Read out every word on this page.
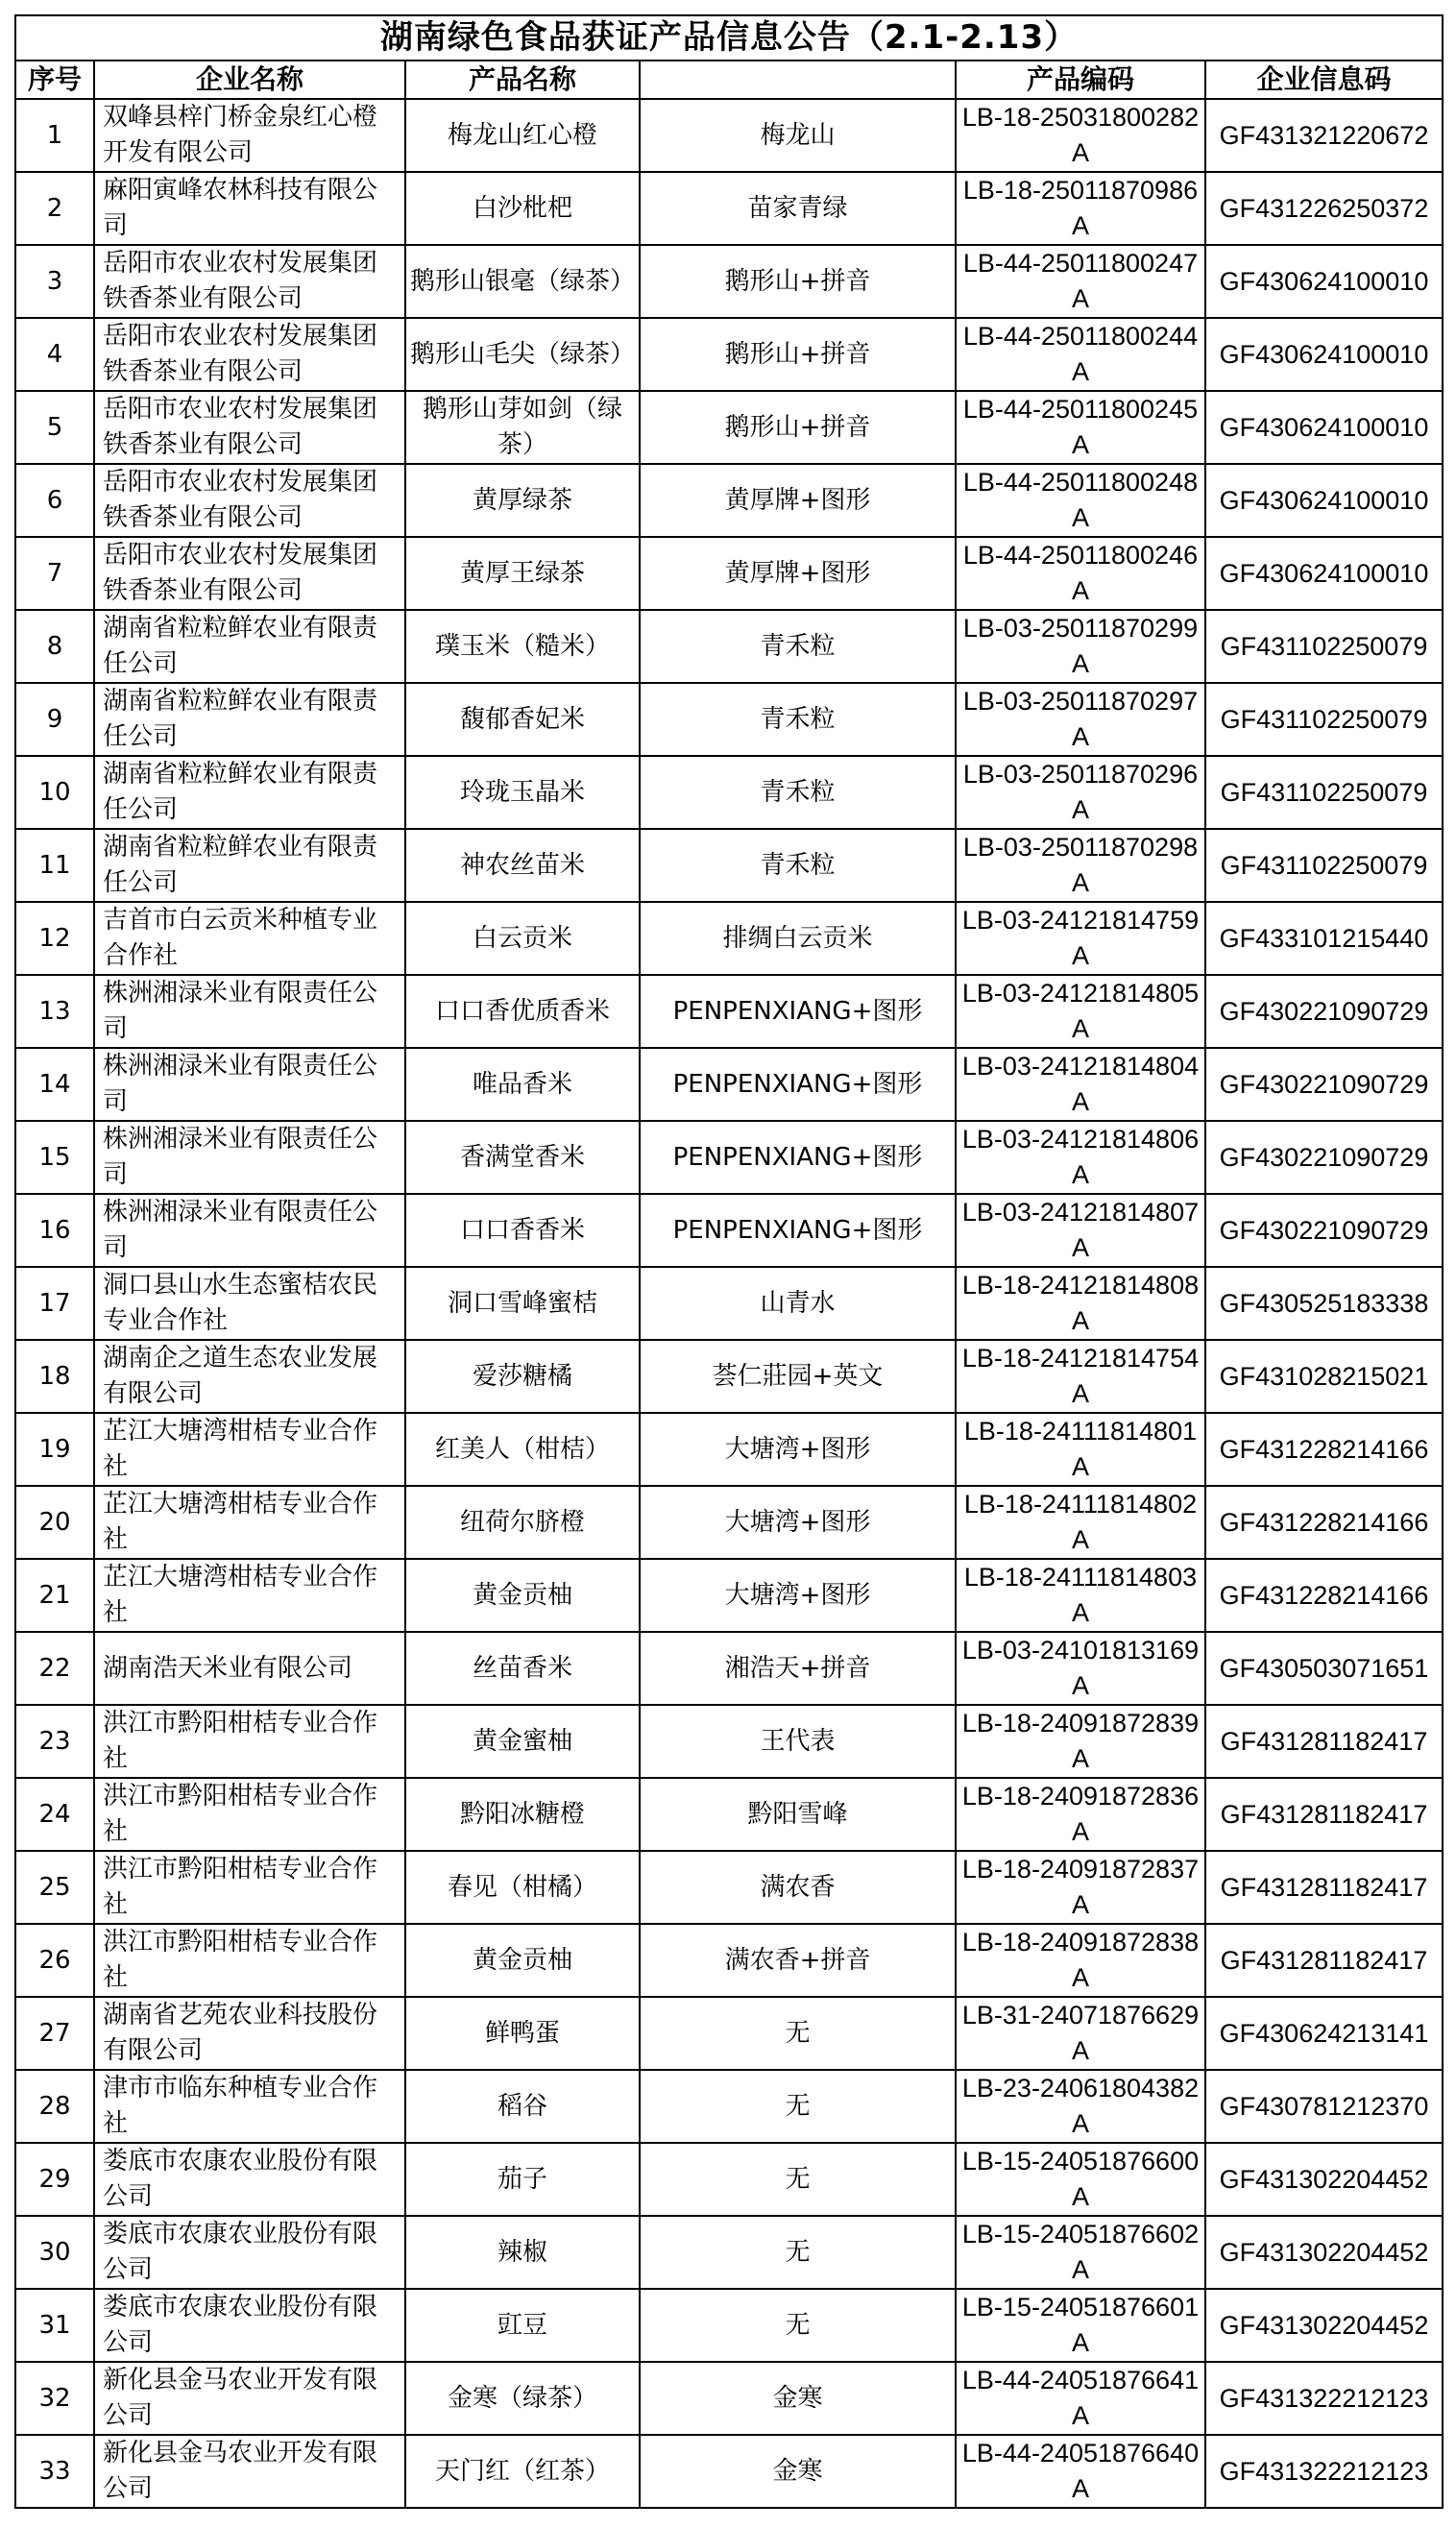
湖南绿色食品获证产品信息公告（2.1-2.13）					
序号	企业名称	产品名称		产品编码	企业信息码
1	双峰县梓门桥金泉红心橙开发有限公司	梅龙山红心橙	梅龙山	LB-18-25031800282A	GF431321220672
2	麻阳寅峰农林科技有限公司	白沙枇杷	苗家青绿	LB-18-25011870986A	GF431226250372
3	岳阳市农业农村发展集团铁香茶业有限公司	鹅形山银毫（绿茶）	鹅形山+拼音	LB-44-25011800247A	GF430624100010
4	岳阳市农业农村发展集团铁香茶业有限公司	鹅形山毛尖（绿茶）	鹅形山+拼音	LB-44-25011800244A	GF430624100010
5	岳阳市农业农村发展集团铁香茶业有限公司	鹅形山芽如剑（绿茶）	鹅形山+拼音	LB-44-25011800245A	GF430624100010
6	岳阳市农业农村发展集团铁香茶业有限公司	黄厚绿茶	黄厚牌+图形	LB-44-25011800248A	GF430624100010
7	岳阳市农业农村发展集团铁香茶业有限公司	黄厚王绿茶	黄厚牌+图形	LB-44-25011800246A	GF430624100010
8	湖南省粒粒鲜农业有限责任公司	璞玉米（糙米）	青禾粒	LB-03-25011870299A	GF431102250079
9	湖南省粒粒鲜农业有限责任公司	馥郁香妃米	青禾粒	LB-03-25011870297A	GF431102250079
10	湖南省粒粒鲜农业有限责任公司	玲珑玉晶米	青禾粒	LB-03-25011870296A	GF431102250079
11	湖南省粒粒鲜农业有限责任公司	神农丝苗米	青禾粒	LB-03-25011870298A	GF431102250079
12	吉首市白云贡米种植专业合作社	白云贡米	排绸白云贡米	LB-03-24121814759A	GF433101215440
13	株洲湘渌米业有限责任公司	口口香优质香米	PENPENXIANG+图形	LB-03-24121814805A	GF430221090729
14	株洲湘渌米业有限责任公司	唯品香米	PENPENXIANG+图形	LB-03-24121814804A	GF430221090729
15	株洲湘渌米业有限责任公司	香满堂香米	PENPENXIANG+图形	LB-03-24121814806A	GF430221090729
16	株洲湘渌米业有限责任公司	口口香香米	PENPENXIANG+图形	LB-03-24121814807A	GF430221090729
17	洞口县山水生态蜜桔农民专业合作社	洞口雪峰蜜桔	山青水	LB-18-24121814808A	GF430525183338
18	湖南企之道生态农业发展有限公司	爱莎糖橘	荟仁莊园+英文	LB-18-24121814754A	GF431028215021
19	芷江大塘湾柑桔专业合作社	红美人（柑桔）	大塘湾+图形	LB-18-24111814801A	GF431228214166
20	芷江大塘湾柑桔专业合作社	纽荷尔脐橙	大塘湾+图形	LB-18-24111814802A	GF431228214166
21	芷江大塘湾柑桔专业合作社	黄金贡柚	大塘湾+图形	LB-18-24111814803A	GF431228214166
22	湖南浩天米业有限公司	丝苗香米	湘浩天+拼音	LB-03-24101813169A	GF430503071651
23	洪江市黔阳柑桔专业合作社	黄金蜜柚	王代表	LB-18-24091872839A	GF431281182417
24	洪江市黔阳柑桔专业合作社	黔阳冰糖橙	黔阳雪峰	LB-18-24091872836A	GF431281182417
25	洪江市黔阳柑桔专业合作社	春见（柑橘）	满农香	LB-18-24091872837A	GF431281182417
26	洪江市黔阳柑桔专业合作社	黄金贡柚	满农香+拼音	LB-18-24091872838A	GF431281182417
27	湖南省艺苑农业科技股份有限公司	鲜鸭蛋	无	LB-31-24071876629A	GF430624213141
28	津市市临东种植专业合作社	稻谷	无	LB-23-24061804382A	GF430781212370
29	娄底市农康农业股份有限公司	茄子	无	LB-15-24051876600A	GF431302204452
30	娄底市农康农业股份有限公司	辣椒	无	LB-15-24051876602A	GF431302204452
31	娄底市农康农业股份有限公司	豇豆	无	LB-15-24051876601A	GF431302204452
32	新化县金马农业开发有限公司	金寒（绿茶）	金寒	LB-44-24051876641A	GF431322212123
33	新化县金马农业开发有限公司	天门红（红茶）	金寒	LB-44-24051876640A	GF431322212123
